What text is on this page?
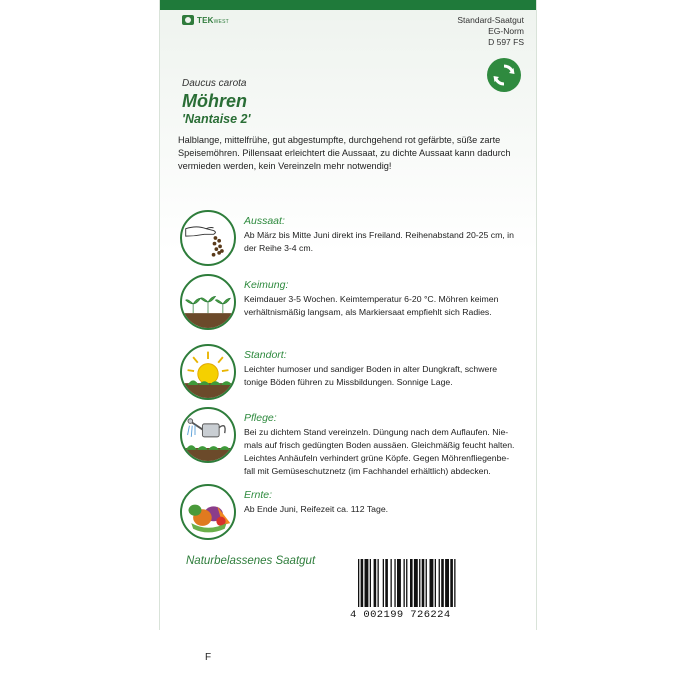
TEKWEST	Standard-Saatgut
EG-Norm
D 597 FS
Daucus carota
Möhren
'Nantaise 2'
Halblange, mittelfrühe, gut abgestumpfte, durchgehend rot gefärbte, süße zarte
Speisemöhren. Pillensaat erleichtert die Aussaat, zu dichte Aussaat kann dadurch
vermieden werden, kein Vereinzeln mehr notwendig!
Aussaat:
Ab März bis Mitte Juni direkt ins Freiland. Reihenabstand 20-25 cm, in
der Reihe 3-4 cm.
Keimung:
Keimdauer 3-5 Wochen. Keimtemperatur 6-20 °C. Möhren keimen
verhältnismäßig langsam, als Markiersaat empfiehlt sich Radies.
Standort:
Leichter humoser und sandiger Boden in alter Dungkraft, schwere
tonige Böden führen zu Missbildungen. Sonnige Lage.
Pflege:
Bei zu dichtem Stand vereinzeln. Düngung nach dem Auflaufen. Nie-
mals auf frisch gedüngten Boden aussäen. Gleichmäßig feucht halten.
Leichtes Anhäufeln verhindert grüne Köpfe. Gegen Möhrenfliegenbe-
fall mit Gemüseschutznetz (im Fachhandel erhältlich) abdecken.
Ernte:
Ab Ende Juni, Reifezeit ca. 112 Tage.
Naturbelassenes Saatgut
4 002199 726224
F
